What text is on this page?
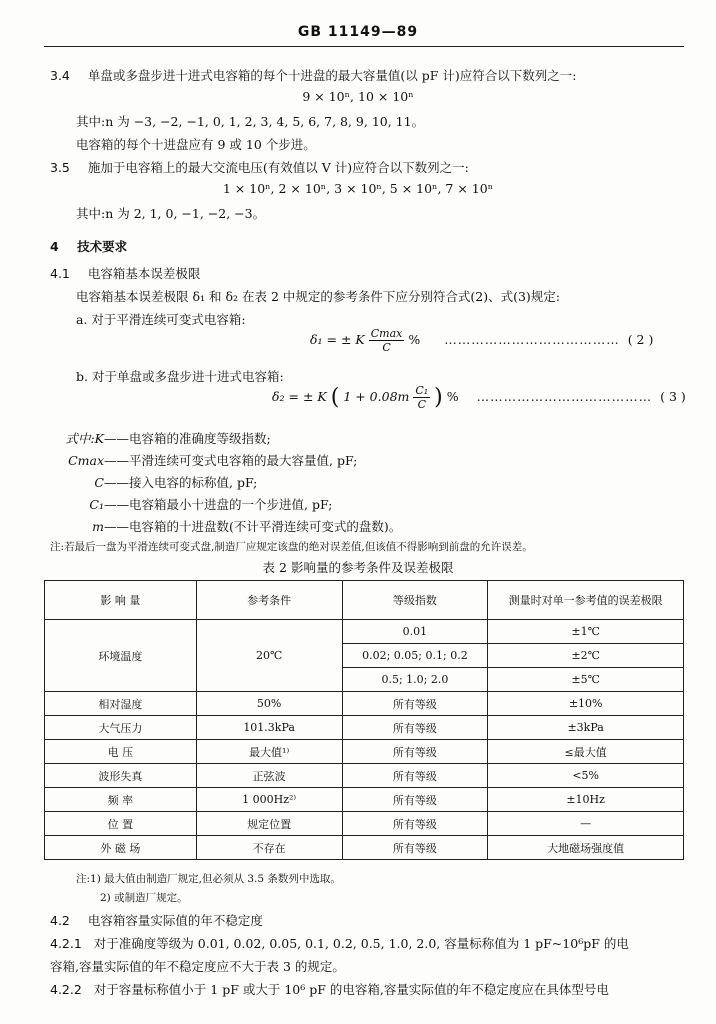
GB 11149—89
3.4 单盘或多盘步进十进式电容箱的每个十进盘的最大容量值(以 pF 计)应符合以下数列之一:
9 × 10ⁿ, 10 × 10ⁿ
其中:n 为 −3, −2, −1, 0, 1, 2, 3, 4, 5, 6, 7, 8, 9, 10, 11。
电容箱的每个十进盘应有 9 或 10 个步进。
3.5 施加于电容箱上的最大交流电压(有效值以 V 计)应符合以下数列之一:
1 × 10ⁿ, 2 × 10ⁿ, 3 × 10ⁿ, 5 × 10ⁿ, 7 × 10ⁿ
其中:n 为 2, 1, 0, −1, −2, −3。
4 技术要求
4.1 电容箱基本误差极限
电容箱基本误差极限 δ₁ 和 δ₂ 在表 2 中规定的参考条件下应分别符合式(2)、式(3)规定:
a. 对于平滑连续可变式电容箱:
δ₁ = ± K $\frac{Cmax}{C}$ % ………………………………… ( 2 )
b. 对于单盘或多盘步进十进式电容箱:
δ₂ = ± K ( $1 + 0.08m \frac{\text{C₁}}{C}$ ) % ………………………………… ( 3 )
式中:K——电容箱的准确度等级指数;
Cmax——平滑连续可变式电容箱的最大容量值, pF;
C——接入电容的标称值, pF;
C₁——电容箱最小十进盘的一个步进值, pF;
m——电容箱的十进盘数(不计平滑连续可变式的盘数)。
注:若最后一盘为平滑连续可变式盘,制造厂应规定该盘的绝对误差值,但该值不得影响到前盘的允许误差。
表 2 影响量的参考条件及误差极限
影 响 量	参考条件	等级指数	测量时对单一参考值的误差极限
环境温度	20℃	0.01	±1℃
		0.02; 0.05; 0.1; 0.2	±2℃
		0.5; 1.0; 2.0	±5℃
相对湿度	50%	所有等级	±10%
大气压力	101.3kPa	所有等级	±3kPa
电 压	最大值¹⁾	所有等级	≤最大值
波形失真	正弦波	所有等级	<5%
频 率	1 000Hz²⁾	所有等级	±10Hz
位 置	规定位置	所有等级	—
外 磁 场	不存在	所有等级	大地磁场强度值
注:1) 最大值由制造厂规定,但必须从 3.5 条数列中选取。
2) 或制造厂规定。
4.2 电容箱容量实际值的年不稳定度
4.2.1 对于准确度等级为 0.01, 0.02, 0.05, 0.1, 0.2, 0.5, 1.0, 2.0, 容量标称值为 1 pF~10⁶pF 的电
容箱,容量实际值的年不稳定度应不大于表 3 的规定。
4.2.2 对于容量标称值小于 1 pF 或大于 10⁶ pF 的电容箱,容量实际值的年不稳定度应在具体型号电
